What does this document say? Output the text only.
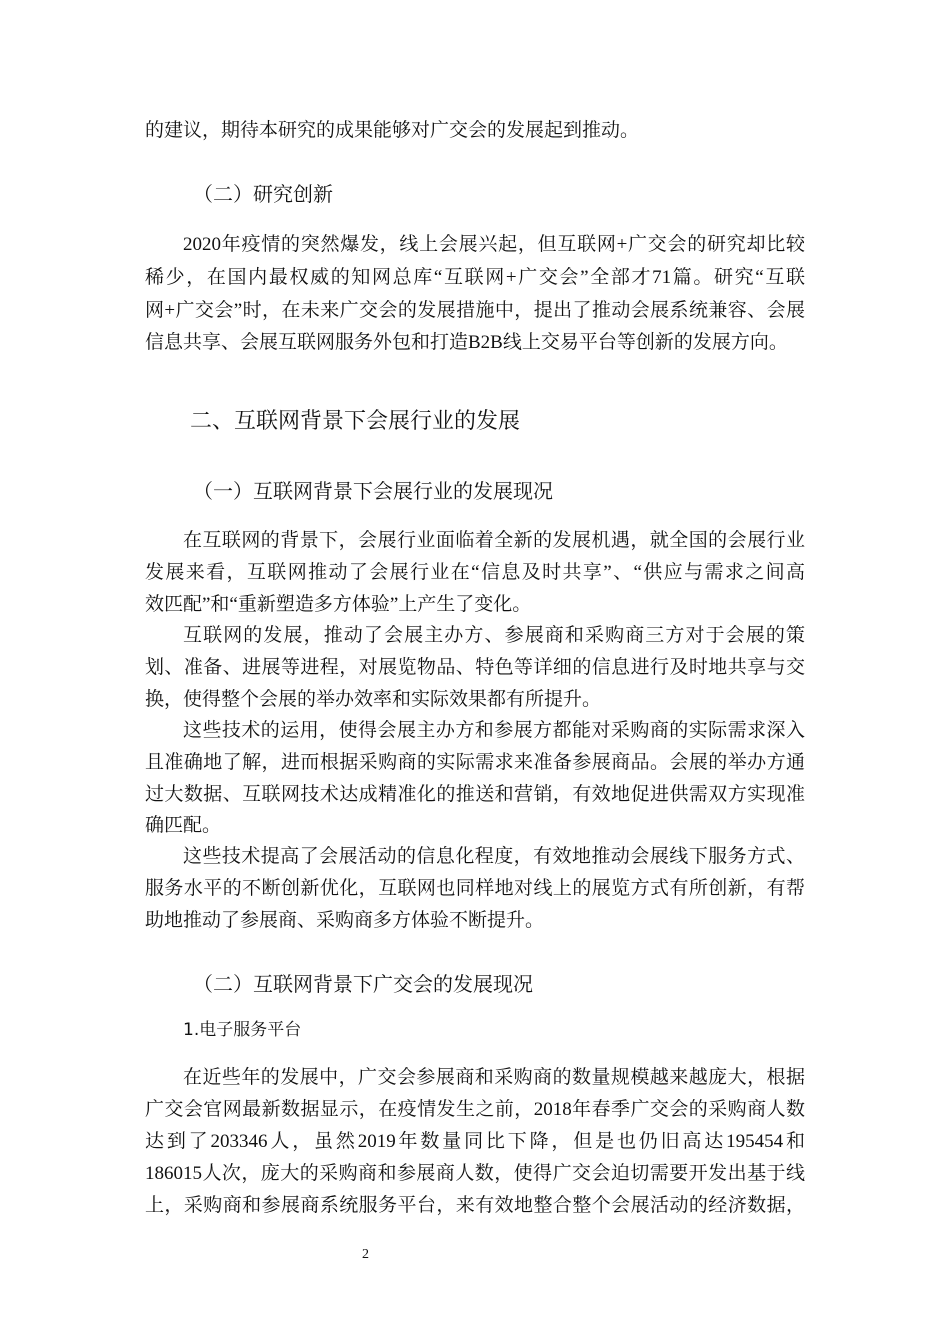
的建议，期待本研究的成果能够对广交会的发展起到推动。
（二）研究创新
2020年疫情的突然爆发，线上会展兴起，但互联网+广交会的研究却比较
稀少，在国内最权威的知网总库“互联网+广交会”全部才71篇。研究“互联
网+广交会”时，在未来广交会的发展措施中，提出了推动会展系统兼容、会展
信息共享、会展互联网服务外包和打造B2B线上交易平台等创新的发展方向。
二、互联网背景下会展行业的发展
（一）互联网背景下会展行业的发展现况
在互联网的背景下，会展行业面临着全新的发展机遇，就全国的会展行业
发展来看，互联网推动了会展行业在“信息及时共享”、“供应与需求之间高
效匹配”和“重新塑造多方体验”上产生了变化。
互联网的发展，推动了会展主办方、参展商和采购商三方对于会展的策
划、准备、进展等进程，对展览物品、特色等详细的信息进行及时地共享与交
换，使得整个会展的举办效率和实际效果都有所提升。
这些技术的运用，使得会展主办方和参展方都能对采购商的实际需求深入
且准确地了解，进而根据采购商的实际需求来准备参展商品。会展的举办方通
过大数据、互联网技术达成精准化的推送和营销，有效地促进供需双方实现准
确匹配。
这些技术提高了会展活动的信息化程度，有效地推动会展线下服务方式、
服务水平的不断创新优化，互联网也同样地对线上的展览方式有所创新，有帮
助地推动了参展商、采购商多方体验不断提升。
（二）互联网背景下广交会的发展现况
1.电子服务平台
在近些年的发展中，广交会参展商和采购商的数量规模越来越庞大，根据
广交会官网最新数据显示，在疫情发生之前，2018年春季广交会的采购商人数
达到了203346人，虽然2019年数量同比下降，但是也仍旧高达195454和
186015人次，庞大的采购商和参展商人数，使得广交会迫切需要开发出基于线
上，采购商和参展商系统服务平台，来有效地整合整个会展活动的经济数据，
2
